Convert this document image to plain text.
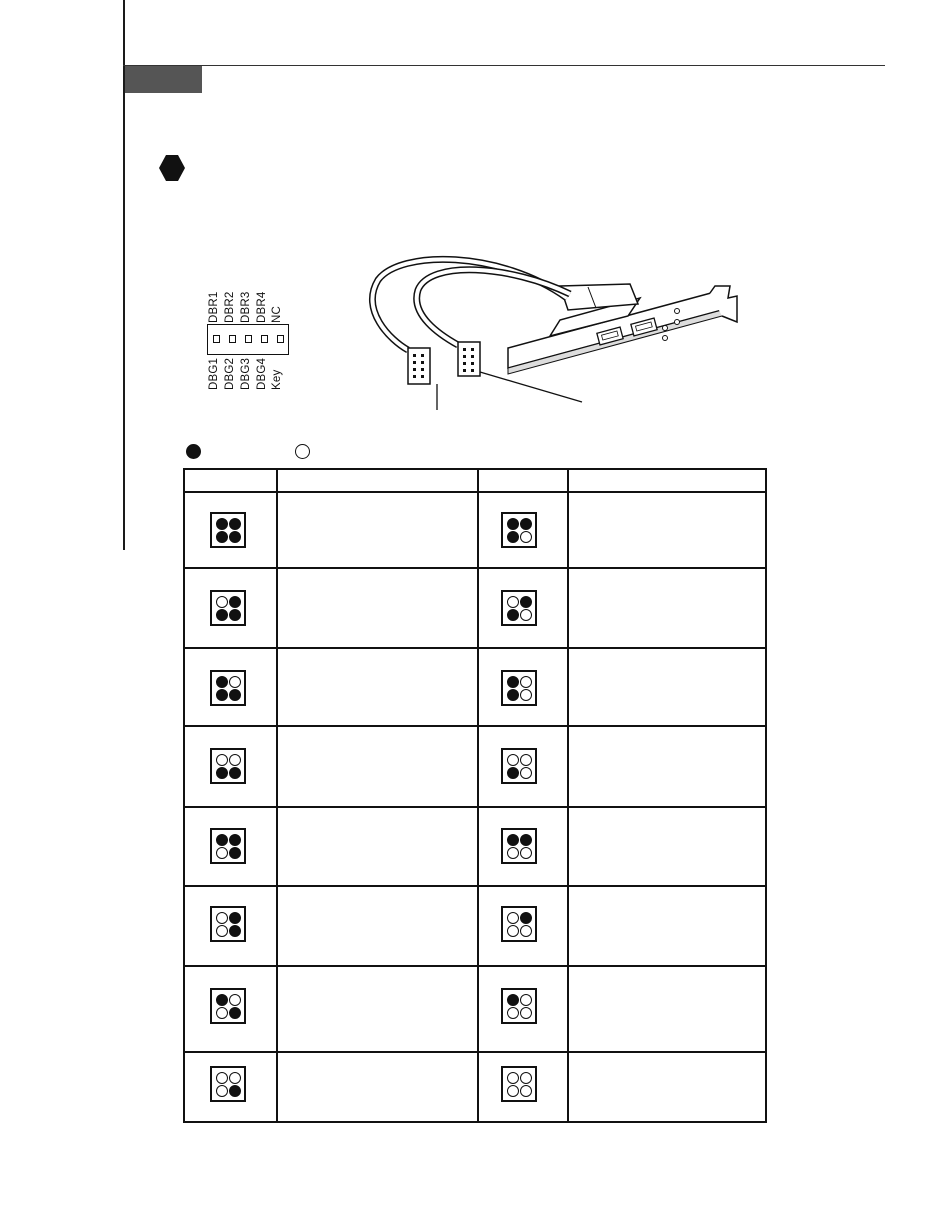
DBR1
DBG1
DBR2
DBG2
DBR3
DBG3
DBR4
DBG4
NC
Key
